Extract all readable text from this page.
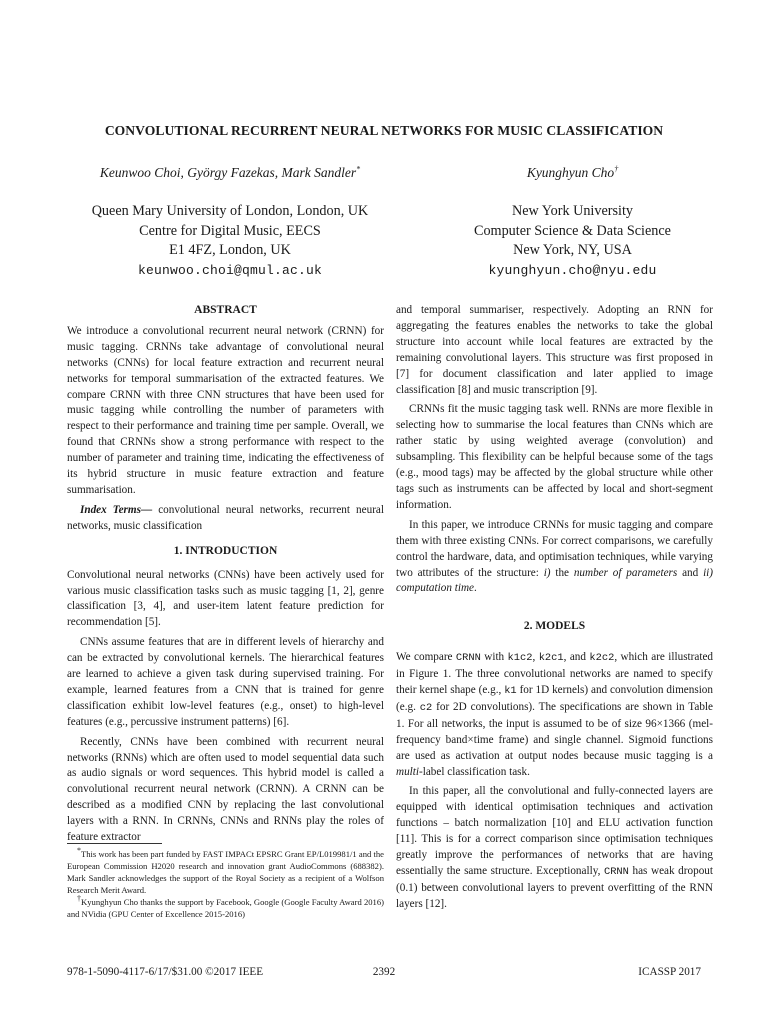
CONVOLUTIONAL RECURRENT NEURAL NETWORKS FOR MUSIC CLASSIFICATION
Keunwoo Choi, György Fazekas, Mark Sandler*
Queen Mary University of London, London, UK
Centre for Digital Music, EECS
E1 4FZ, London, UK
keunwoo.choi@qmul.ac.uk
Kyunghyun Cho†
New York University
Computer Science & Data Science
New York, NY, USA
kyunghyun.cho@nyu.edu
ABSTRACT

We introduce a convolutional recurrent neural network (CRNN) for music tagging. CRNNs take advantage of convolutional neural networks (CNNs) for local feature extraction and recurrent neural networks for temporal summarisation of the extracted features. We compare CRNN with three CNN structures that have been used for music tagging while controlling the number of parameters with respect to their performance and training time per sample. Overall, we found that CRNNs show a strong performance with respect to the number of parameter and training time, indicating the effectiveness of its hybrid structure in music feature extraction and feature summarisation.

Index Terms— convolutional neural networks, recurrent neural networks, music classification

1. INTRODUCTION

Convolutional neural networks (CNNs) have been actively used for various music classification tasks such as music tagging [1, 2], genre classification [3, 4], and user-item latent feature prediction for recommendation [5].

CNNs assume features that are in different levels of hierarchy and can be extracted by convolutional kernels. The hierarchical features are learned to achieve a given task during supervised training. For example, learned features from a CNN that is trained for genre classification exhibit low-level features (e.g., onset) to high-level features (e.g., percussive instrument patterns) [6].

Recently, CNNs have been combined with recurrent neural networks (RNNs) which are often used to model sequential data such as audio signals or word sequences. This hybrid model is called a convolutional recurrent neural network (CRNN). A CRNN can be described as a modified CNN by replacing the last convolutional layers with a RNN. In CRNNs, CNNs and RNNs play the roles of feature extractor

*This work has been part funded by FAST IMPACt EPSRC Grant EP/L019981/1 and the European Commission H2020 research and innovation grant AudioCommons (688382). Mark Sandler acknowledges the support of the Royal Society as a recipient of a Wolfson Research Merit Award.

†Kyunghyun Cho thanks the support by Facebook, Google (Google Faculty Award 2016) and NVidia (GPU Center of Excellence 2015-2016)

and temporal summariser, respectively. Adopting an RNN for aggregating the features enables the networks to take the global structure into account while local features are extracted by the remaining convolutional layers. This structure was first proposed in [7] for document classification and later applied to image classification [8] and music transcription [9].

CRNNs fit the music tagging task well. RNNs are more flexible in selecting how to summarise the local features than CNNs which are rather static by using weighted average (convolution) and subsampling. This flexibility can be helpful because some of the tags (e.g., mood tags) may be affected by the global structure while other tags such as instruments can be affected by local and short-segment information.

In this paper, we introduce CRNNs for music tagging and compare them with three existing CNNs. For correct comparisons, we carefully control the hardware, data, and optimisation techniques, while varying two attributes of the structure: i) the number of parameters and ii) computation time.

2. MODELS

We compare CRNN with k1c2, k2c1, and k2c2, which are illustrated in Figure 1. The three convolutional networks are named to specify their kernel shape (e.g., k1 for 1D kernels) and convolution dimension (e.g. c2 for 2D convolutions). The specifications are shown in Table 1. For all networks, the input is assumed to be of size 96×1366 (mel-frequency band×time frame) and single channel. Sigmoid functions are used as activation at output nodes because music tagging is a multi-label classification task.

In this paper, all the convolutional and fully-connected layers are equipped with identical optimisation techniques and activation functions – batch normalization [10] and ELU activation function [11]. This is for a correct comparison since optimisation techniques greatly improve the performances of networks that are having essentially the same structure. Exceptionally, CRNN has weak dropout (0.1) between convolutional layers to prevent overfitting of the RNN layers [12].

978-1-5090-4117-6/17/$31.00 ©2017 IEEE	2392	ICASSP 2017
